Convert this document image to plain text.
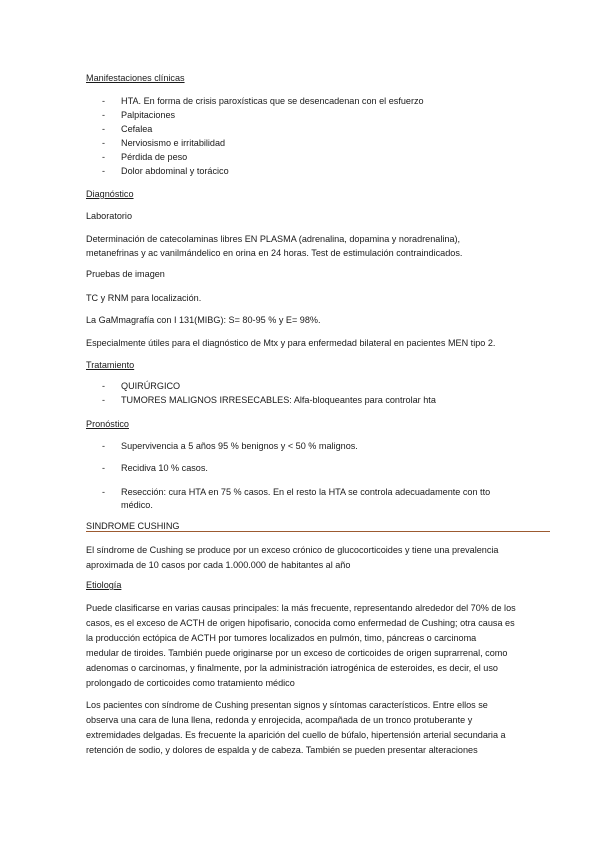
Manifestaciones clínicas

- HTA. En forma de crisis paroxísticas que se desencadenan con el esfuerzo
- Palpitaciones
- Cefalea
- Nerviosismo e irritabilidad
- Pérdida de peso
- Dolor abdominal y torácico

Diagnóstico

Laboratorio

Determinación de catecolaminas libres EN PLASMA (adrenalina, dopamina y noradrenalina),

metanefrinas y ac vanilmándelico en orina en 24 horas. Test de estimulación contraindicados.

Pruebas de imagen

TC y RNM para localización.

La GaMmagrafía con I 131(MIBG): S= 80-95 % y E= 98%.

Especialmente útiles para el diagnóstico de Mtx y para enfermedad bilateral en pacientes MEN tipo 2.

Tratamiento

- QUIRÚRGICO
- TUMORES MALIGNOS IRRESECABLES: Alfa-bloqueantes para controlar hta

Pronóstico

- Supervivencia a 5 años 95 % benignos y < 50 % malignos.
- Recidiva 10 % casos.
- Resección: cura HTA en 75 % casos. En el resto la HTA se controla adecuadamente con tto
médico.

SINDROME CUSHING

El síndrome de Cushing se produce por un exceso crónico de glucocorticoides y tiene una prevalencia

aproximada de 10 casos por cada 1.000.000 de habitantes al año

Etiología

Puede clasificarse en varias causas principales: la más frecuente, representando alrededor del 70% de los

casos, es el exceso de ACTH de origen hipofisario, conocida como enfermedad de Cushing; otra causa es

la producción ectópica de ACTH por tumores localizados en pulmón, timo, páncreas o carcinoma

medular de tiroides. También puede originarse por un exceso de corticoides de origen suprarrenal, como

adenomas o carcinomas, y finalmente, por la administración iatrogénica de esteroides, es decir, el uso

prolongado de corticoides como tratamiento médico

Los pacientes con síndrome de Cushing presentan signos y síntomas característicos. Entre ellos se

observa una cara de luna llena, redonda y enrojecida, acompañada de un tronco protuberante y

extremidades delgadas. Es frecuente la aparición del cuello de búfalo, hipertensión arterial secundaria a

retención de sodio, y dolores de espalda y de cabeza. También se pueden presentar alteraciones
